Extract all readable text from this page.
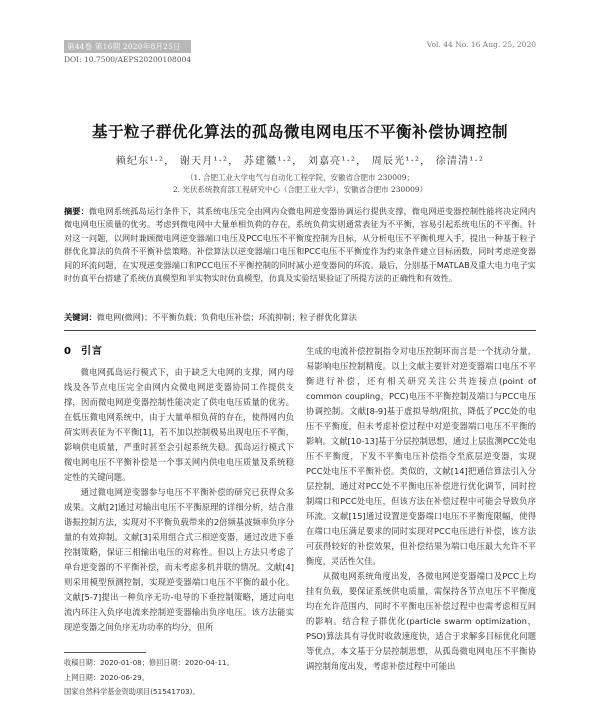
第44卷 第16期 2020年8月25日	Vol. 44 No. 16 Aug. 25, 2020
DOI: 10.7500/AEPS20200108004
基于粒子群优化算法的孤岛微电网电压不平衡补偿协调控制
赖纪东¹·²， 谢天月¹·²， 苏建徽¹·²， 刘嘉亮¹·²， 周辰光¹·²， 徐清清¹·²
（1. 合肥工业大学电气与自动化工程学院，安徽省合肥市 230009；
2. 光伏系统教育部工程研究中心（合肥工业大学），安徽省合肥市 230009）
摘要：微电网系统孤岛运行条件下，其系统电压完全由网内众微电网逆变器协调运行提供支撑，微电网逆变器控制性能将决定网内微电网电压质量的优劣。考虑到微电网中大量单相负荷的存在，系统负荷实则通常表征为不平衡，容易引起系统电压的不平衡。针对这一问题，以网时兼顾微电网逆变器端口电压及PCC电压不平衡度控制为目标，从分析电压不平衡机理入手，提出一种基于粒子群优化算法的负荷不平衡补偿策略。补偿算法以逆变器端口电压和PCC电压不平衡度作为约束条件建立目标函数，同时考虑逆变器间的环流问题，在实现逆变器端口和PCC电压不平衡控制的同时减小逆变器间的环流。最后，分别基于MATLAB及重大电力电子实时仿真平台搭建了系统仿真模型和半实物实时仿真模型，仿真及实验结果验证了所提方法的正确性和有效性。
关键词：微电网(微网)；不平衡负载；负荷电压补偿；环流抑制；粒子群优化算法
0 引言

微电网孤岛运行模式下，由于缺乏大电网的支撑，网内母线及各节点电压完全由网内众微电网逆变器协同工作提供支撑，因而微电网逆变器控制性能决定了供电电压质量的优劣。在低压微电网系统中，由于大量单相负荷的存在，使得网内负荷实则表征为不平衡[1]，若不加以控制极易出现电压不平衡，影响供电质量，严重时甚至会引起系统失稳。孤岛运行模式下微电网电压不平衡补偿是一个事关网内供电电压质量及系统稳定性的关键问题。

通过微电网逆变器参与电压不平衡补偿的研究已获得众多成果。文献[2]通过对输出电压不平衡原理的详细分析，结合准谐振控制方法，实现对不平衡负载带来的2倍频基波频率负序分量的有效抑制。文献[3]采用组合式三相逆变器，通过改进下垂控制策略，保证三相输出电压的对称性。但以上方法只考虑了单台逆变器的不平衡补偿，而未考虑多机并联的情况。文献[4]则采用模型预测控制，实现逆变器端口电压不平衡的最小化。文献[5-7]提出一种负序无功-电导的下垂控制策略，通过向电流内环注入负序电流来控制逆变器输出负序电压。该方法能实现逆变器之间负序无功功率的均分，但所

生成的电流补偿控制指令对电压控制环而言是一个扰动分量，易影响电压控制精度。以上文献主要针对逆变器端口电压不平衡进行补偿，还有相关研究关注公共连接点(point of common coupling，PCC)电压不平衡控制及端口与PCC电压协调控制。文献[8-9]基于虚拟导纳/阻抗，降低了PCC处的电压不平衡度，但未考虑补偿过程中对逆变器端口电压不平衡的影响。文献[10-13]基于分层控制思想，通过上层监测PCC处电压不平衡度，下发不平衡电压补偿指令至底层逆变器，实现PCC处电压不平衡补偿。类似的，文献[14]把通信算法引入分层控制，通过对PCC处不平衡电压补偿进行优化调节，同时控制端口和PCC处电压，但该方法在补偿过程中可能会导致负序环流。文献[15]通过设置逆变器端口电压不平衡度限幅，使得在端口电压满足要求的同时实现对PCC电压进行补偿，该方法可获得较好的补偿效果，但补偿结果为端口电压最大允许不平衡度，灵活性欠佳。

从微电网系统角度出发，各微电网逆变器端口及PCC上均挂有负载，要保证系统供电质量，需保持各节点电压不平衡度均在允许范围内，同时不平衡电压补偿过程中也需考虑相互间的影响。结合粒子群优化(particle swarm optimization，PSO)算法具有寻优时收敛速度快，适合于求解多目标优化问题等优点，本文基于分层控制思想，从孤岛微电网电压不平衡协调控制角度出发，考虑补偿过程中可能出

收稿日期：2020-01-08；修回日期：2020-04-11。
上网日期：2020-06-29。
国家自然科学基金资助项目(51541703)。
